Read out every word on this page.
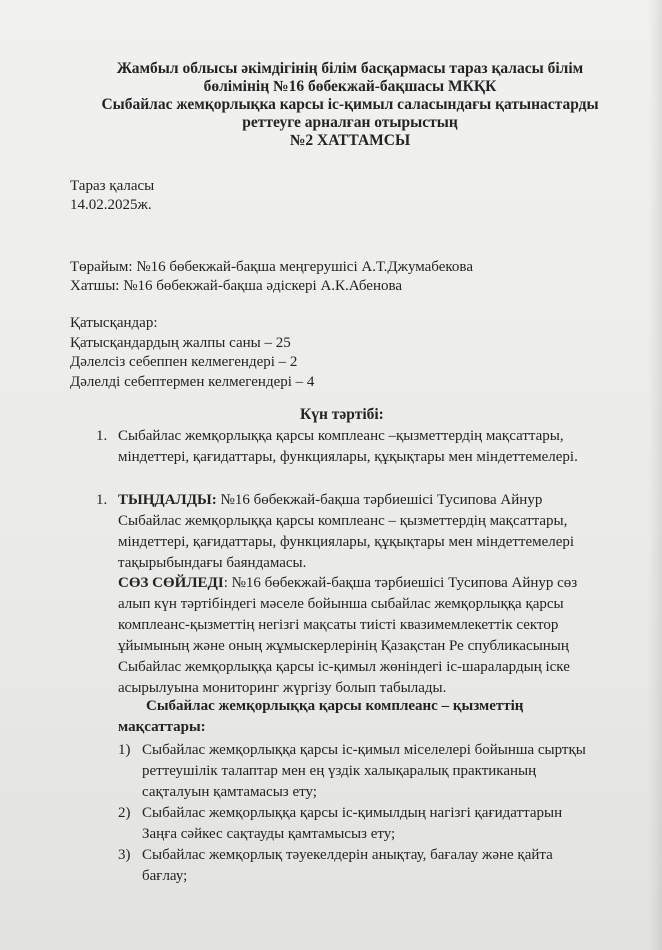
Жамбыл облысы әкімдігінің білім басқармасы тараз қаласы білім
бөлімінің №16 бөбекжай-бақшасы МКҚК
Сыбайлас жемқорлықка карсы іс-қимыл саласындағы қатынастарды
реттеуге арналған отырыстың
№2 ХАТТАМСЫ
Тараз қаласы
14.02.2025ж.
Төрайым: №16 бөбекжай-бақша меңгерушісі А.Т.Джумабекова
Хатшы: №16 бөбекжай-бақша әдіскері А.К.Абенова
Қатысқандар:
Қатысқандардың жалпы саны – 25
Дәлелсіз себеппен келмегендері – 2
Дәлелді себептермен келмегендері – 4
Күн тәртібі:
1. Сыбайлас жемқорлыққа қарсы комплеанс –қызметтердің мақсаттары,
міндеттері, қағидаттары, функциялары, құқықтары мен міндеттемелері.
1. ТЫҢДАЛДЫ: №16 бөбекжай-бақша тәрбиешісі Тусипова Айнур
Сыбайлас жемқорлыққа қарсы комплеанс – қызметтердің мақсаттары,
міндеттері, қағидаттары, функциялары, құқықтары мен міндеттемелері
тақырыбындағы баяндамасы.
СӨЗ СӨЙЛЕДІ: №16 бөбекжай-бақша тәрбиешісі Тусипова Айнур сөз
алып күн тәртібіндегі мәселе бойынша сыбайлас жемқорлыққа қарсы
комплеанс-қызметтің негізгі мақсаты тиісті квазимемлекеттік сектор
ұйымының және оның жұмыскерлерінің Қазақстан Ре спубликасының
Сыбайлас жемқорлыққа қарсы іс-қимыл жөніндегі іс-шаралардың іске
асырылуына мониторинг жүргізу болып табылады.
Сыбайлас жемқорлыққа қарсы комплеанс – қызметтің
мақсаттары:
1) Сыбайлас жемқорлыққа қарсы іс-қимыл міселелері бойынша сыртқы
реттеушілік талаптар мен ең үздік халықаралық практиканың
сақталуын қамтамасыз ету;
2) Сыбайлас жемқорлыққа қарсы іс-қимылдың нагізгі қағидаттарын
Заңға сәйкес сақтауды қамтамысыз ету;
3) Сыбайлас жемқорлық тәуекелдерін анықтау, бағалау және қайта
бағлау;
